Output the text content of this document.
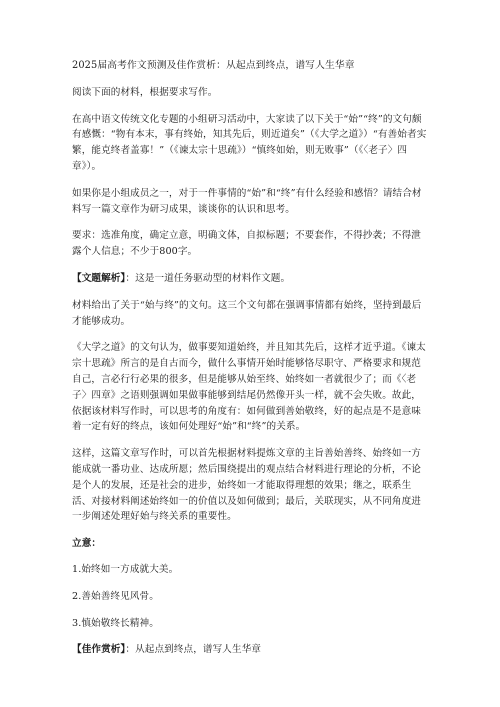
2025届高考作文预测及佳作赏析：从起点到终点，谱写人生华章

阅读下面的材料，根据要求写作。

在高中语文传统文化专题的小组研习活动中，大家读了以下关于“始”“终”的文句颇有感慨：“物有本末，事有终始，知其先后，则近道矣”（《大学之道》）“有善始者实繁，能克终者盖寡！”（《谏太宗十思疏》）“慎终如始，则无败事”（《〈老子〉四章》）。

如果你是小组成员之一，对于一件事情的“始”和“终”有什么经验和感悟？请结合材料写一篇文章作为研习成果，谈谈你的认识和思考。

要求：选准角度，确定立意，明确文体，自拟标题；不要套作，不得抄袭；不得泄露个人信息；不少于800字。

【文题解析】：这是一道任务驱动型的材料作文题。

材料给出了关于“始与终”的文句。这三个文句都在强调事情都有始终，坚持到最后才能够成功。

《大学之道》的文句认为，做事要知道始终，并且知其先后，这样才近乎道。《谏太宗十思疏》所言的是自古而今，做什么事情开始时能够恪尽职守、严格要求和规范自己，言必行行必果的很多，但是能够从始至终、始终如一者就很少了；而《〈老子〉四章》之语则强调如果做事能够到结尾仍然像开头一样，就不会失败。故此，依据该材料写作时，可以思考的角度有：如何做到善始敬终，好的起点是不是意味着一定有好的终点，该如何处理好“始”和“终”的关系。

这样，这篇文章写作时，可以首先根据材料提炼文章的主旨善始善终、始终如一方能成就一番功业、达成所愿；然后围绕提出的观点结合材料进行理论的分析，不论是个人的发展，还是社会的进步，始终如一才能取得理想的效果；继之，联系生活、对接材料阐述始终如一的价值以及如何做到；最后，关联现实，从不同角度进一步阐述处理好始与终关系的重要性。

立意：

1.始终如一方成就大美。

2.善始善终见风骨。

3.慎始敬终长精神。

【佳作赏析】：从起点到终点，谱写人生华章
